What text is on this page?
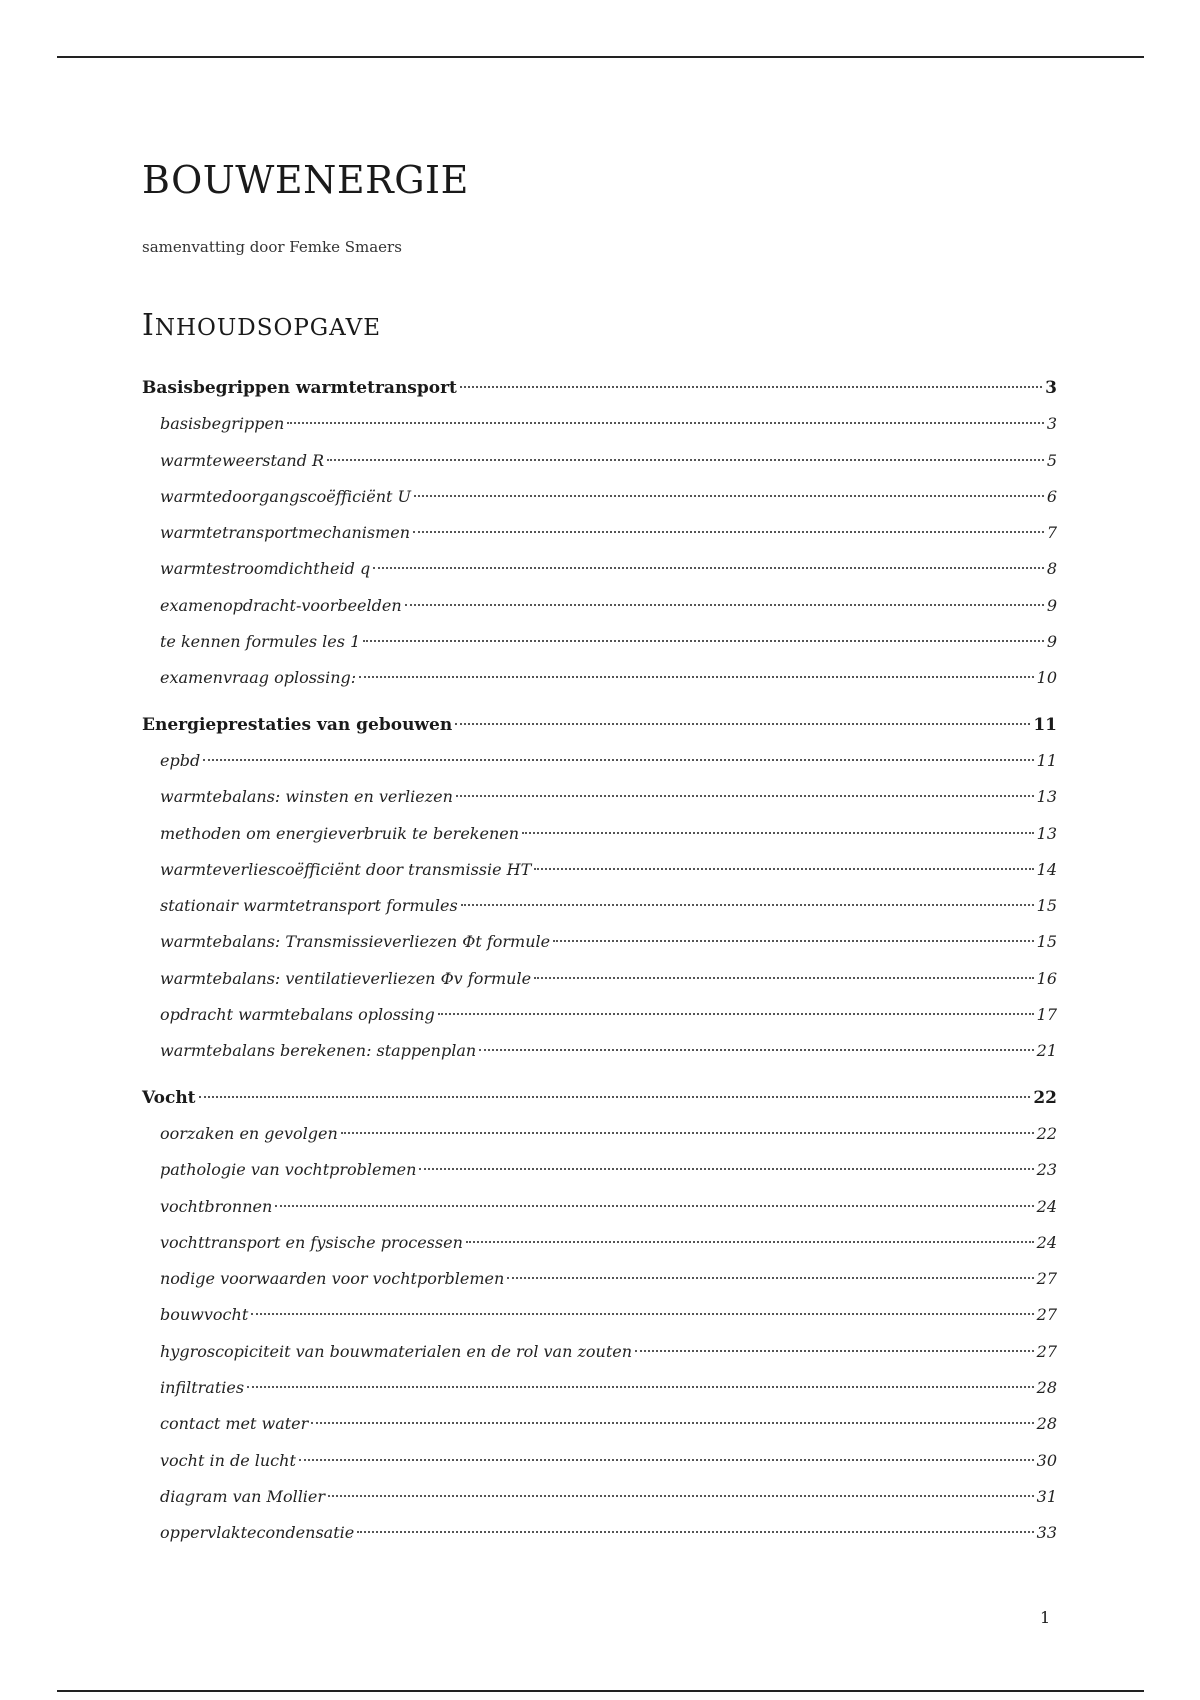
BOUWENERGIE

samenvatting door Femke Smaers

INHOUDSOPGAVE
Basisbegrippen warmtetransport	3
basisbegrippen	3
warmteweerstand R	5
warmtedoorgangscoëfficiënt U	6
warmtetransportmechanismen	7
warmtestroomdichtheid q	8
examenopdracht-voorbeelden	9
te kennen formules les 1	9
examenvraag oplossing:	10
Energieprestaties van gebouwen	11
epbd	11
warmtebalans: winsten en verliezen	13
methoden om energieverbruik te berekenen	13
warmteverliescoëfficiënt door transmissie HT	14
stationair warmtetransport formules	15
warmtebalans: Transmissieverliezen Φt formule	15
warmtebalans: ventilatieverliezen Φv formule	16
opdracht warmtebalans oplossing	17
warmtebalans berekenen: stappenplan	21
Vocht	22
oorzaken en gevolgen	22
pathologie van vochtproblemen	23
vochtbronnen	24
vochttransport en fysische processen	24
nodige voorwaarden voor vochtporblemen	27
bouwvocht	27
hygroscopiciteit van bouwmaterialen en de rol van zouten	27
infiltraties	28
contact met water	28
vocht in de lucht	30
diagram van Mollier	31
oppervlaktecondensatie	33
1
